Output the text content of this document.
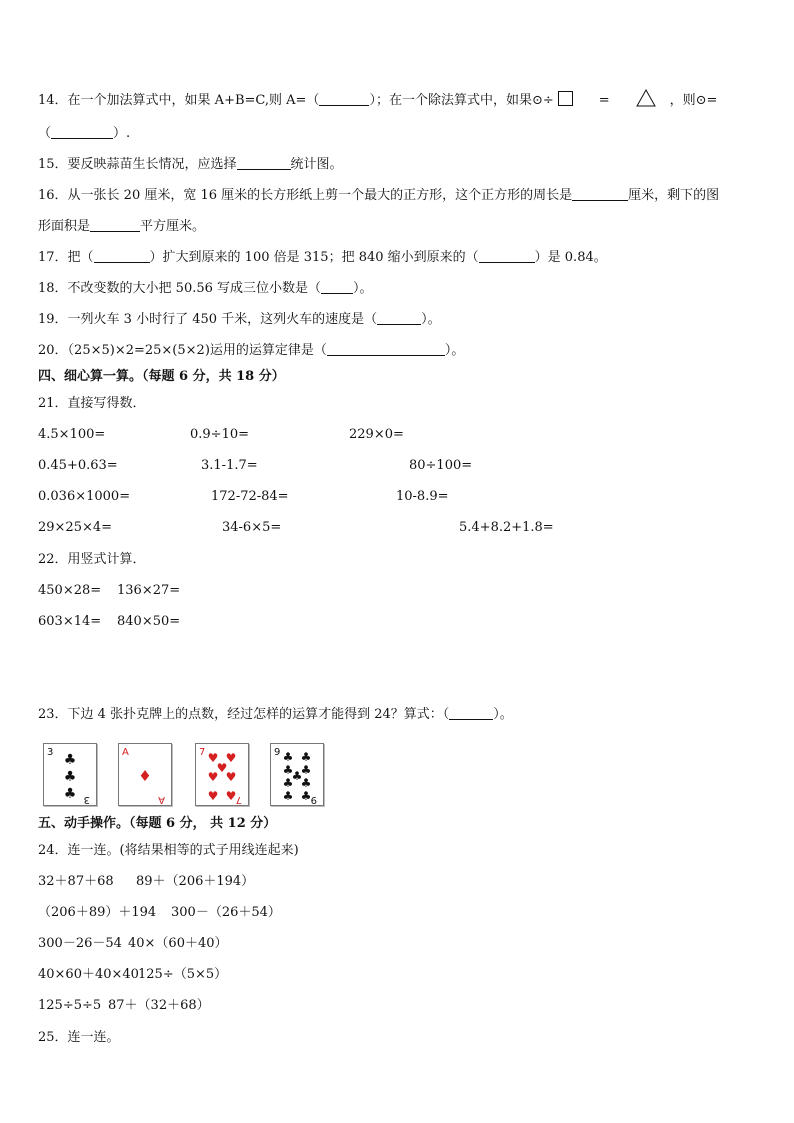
14．在一个加法算式中，如果 A+B=C,则 A=（	）；在一个除法算式中，如果⊙÷	=	，则⊙=
（	）.
15．要反映蒜苗生长情况，应选择	统计图。
16．从一张长 20 厘米，宽 16 厘米的长方形纸上剪一个最大的正方形，这个正方形的周长是	厘米，剩下的图
形面积是	平方厘米。
17．把（	）扩大到原来的 100 倍是 315；把 840 缩小到原来的（	）是 0.84。
18．不改变数的大小把 50.56 写成三位小数是（ ）。
19．一列火车 3 小时行了 450 千米，这列火车的速度是（	）。
20．（25×5)×2=25×(5×2)运用的运算定律是（	）。
四、细心算一算。（每题 6 分，共 18 分）
21．直接写得数．
4.5×100=	0.9÷10=	229×0=
0.45+0.63=	3.1-1.7=	80÷100=
0.036×1000=	172-72-84=	10-8.9=
29×25×4=	34-6×5=	5.4+8.2+1.8=
22．用竖式计算．
450×28= 136×27=
603×14= 840×50=
23．下边 4 张扑克牌上的点数，经过怎样的运算才能得到 24？算式：（	）。
3
3
♣
♣
♣
A
A
♦
7
7
♥ ♥
♥
♥ ♥
♥ ♥
9
9
♣ ♣
♣ ♣
♣
♣ ♣
♣ ♣
五、动手操作。（每题 6 分， 共 12 分）
24．连一连。(将结果相等的式子用线连起来)
32＋87＋68 89＋（206＋194）
（206＋89）＋194 300－（26＋54）
300－26－54 40×（60＋40）
40×60＋40×40 125÷（5×5）
125÷5÷5 87＋（32＋68）
25．连一连。
